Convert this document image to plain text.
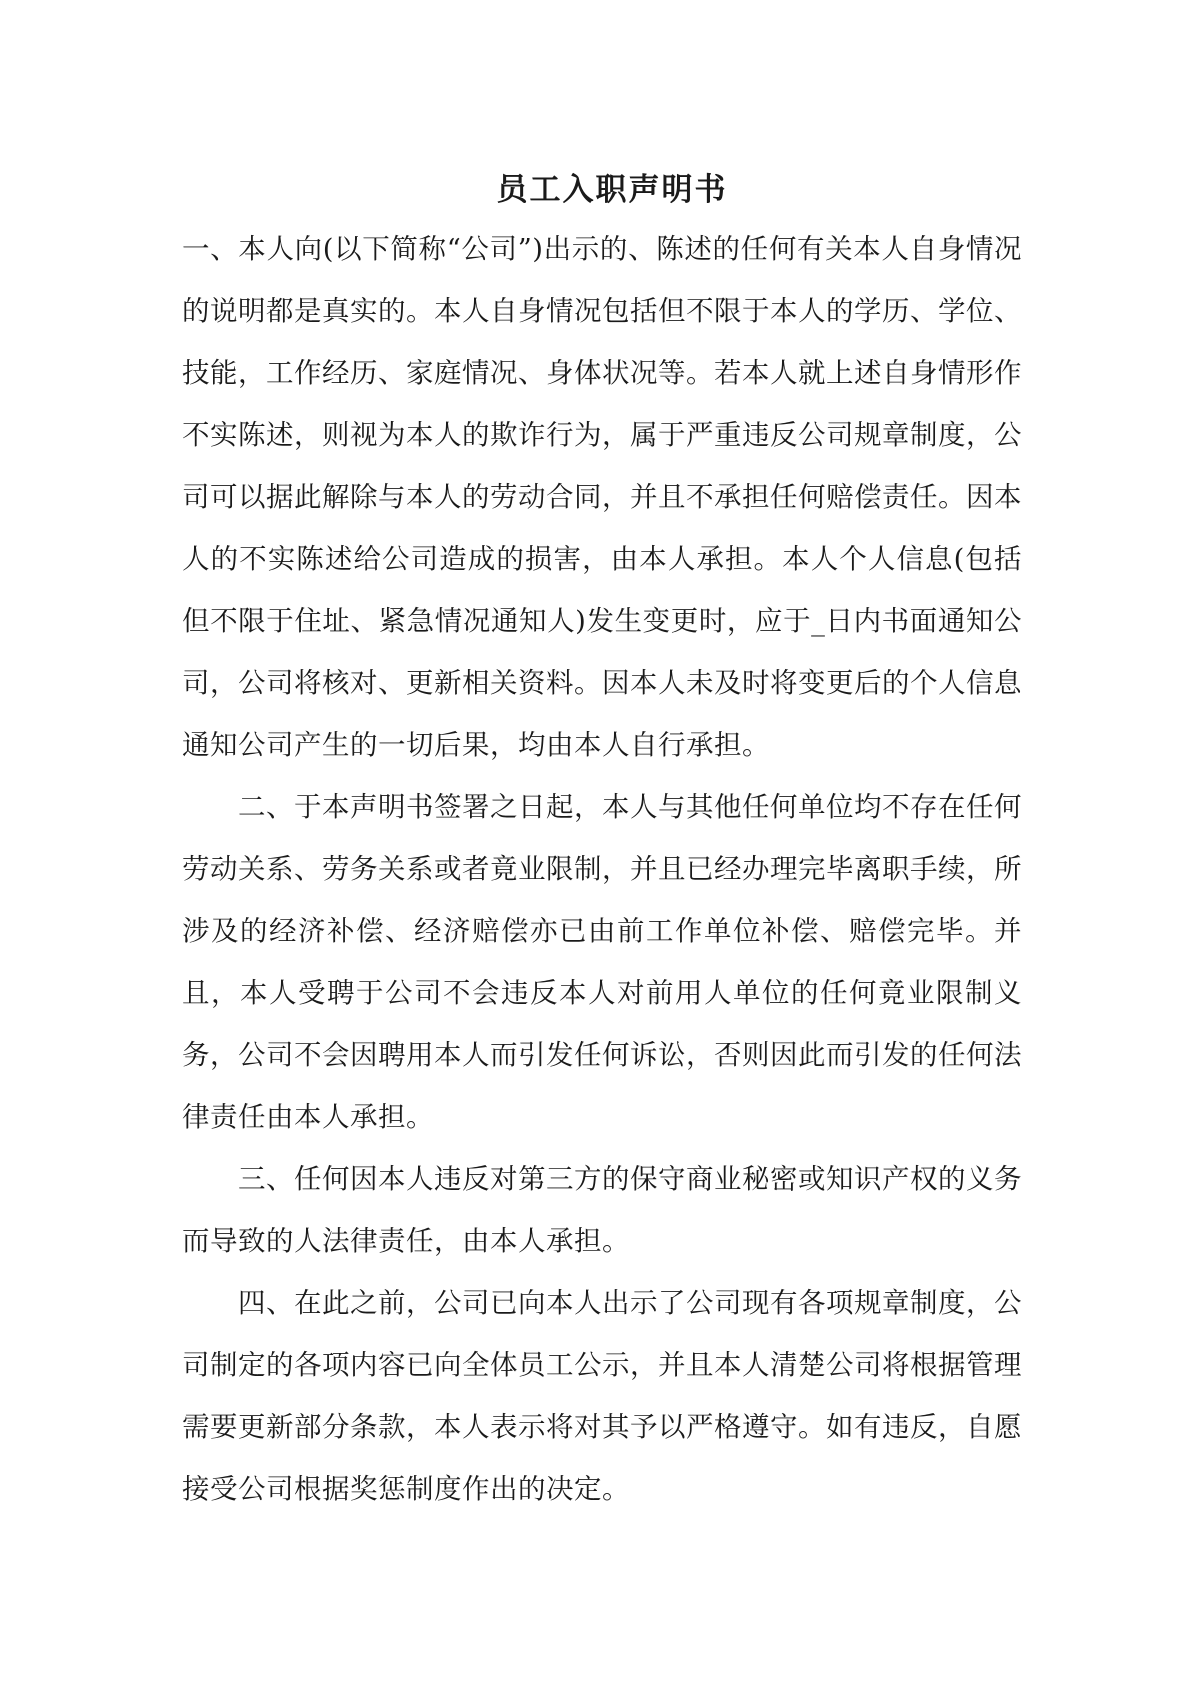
员工入职声明书

一、本人向(以下简称“公司”)出示的、陈述的任何有关本人自身情况的说明都是真实的。本人自身情况包括但不限于本人的学历、学位、技能，工作经历、家庭情况、身体状况等。若本人就上述自身情形作不实陈述，则视为本人的欺诈行为，属于严重违反公司规章制度，公司可以据此解除与本人的劳动合同，并且不承担任何赔偿责任。因本人的不实陈述给公司造成的损害，由本人承担。本人个人信息(包括但不限于住址、紧急情况通知人)发生变更时，应于_日内书面通知公司，公司将核对、更新相关资料。因本人未及时将变更后的个人信息通知公司产生的一切后果，均由本人自行承担。

二、于本声明书签署之日起，本人与其他任何单位均不存在任何劳动关系、劳务关系或者竟业限制，并且已经办理完毕离职手续，所涉及的经济补偿、经济赔偿亦已由前工作单位补偿、赔偿完毕。并且，本人受聘于公司不会违反本人对前用人单位的任何竟业限制义务，公司不会因聘用本人而引发任何诉讼，否则因此而引发的任何法律责任由本人承担。

三、任何因本人违反对第三方的保守商业秘密或知识产权的义务而导致的人法律责任，由本人承担。

四、在此之前，公司已向本人出示了公司现有各项规章制度，公司制定的各项内容已向全体员工公示，并且本人清楚公司将根据管理需要更新部分条款，本人表示将对其予以严格遵守。如有违反，自愿接受公司根据奖惩制度作出的决定。
